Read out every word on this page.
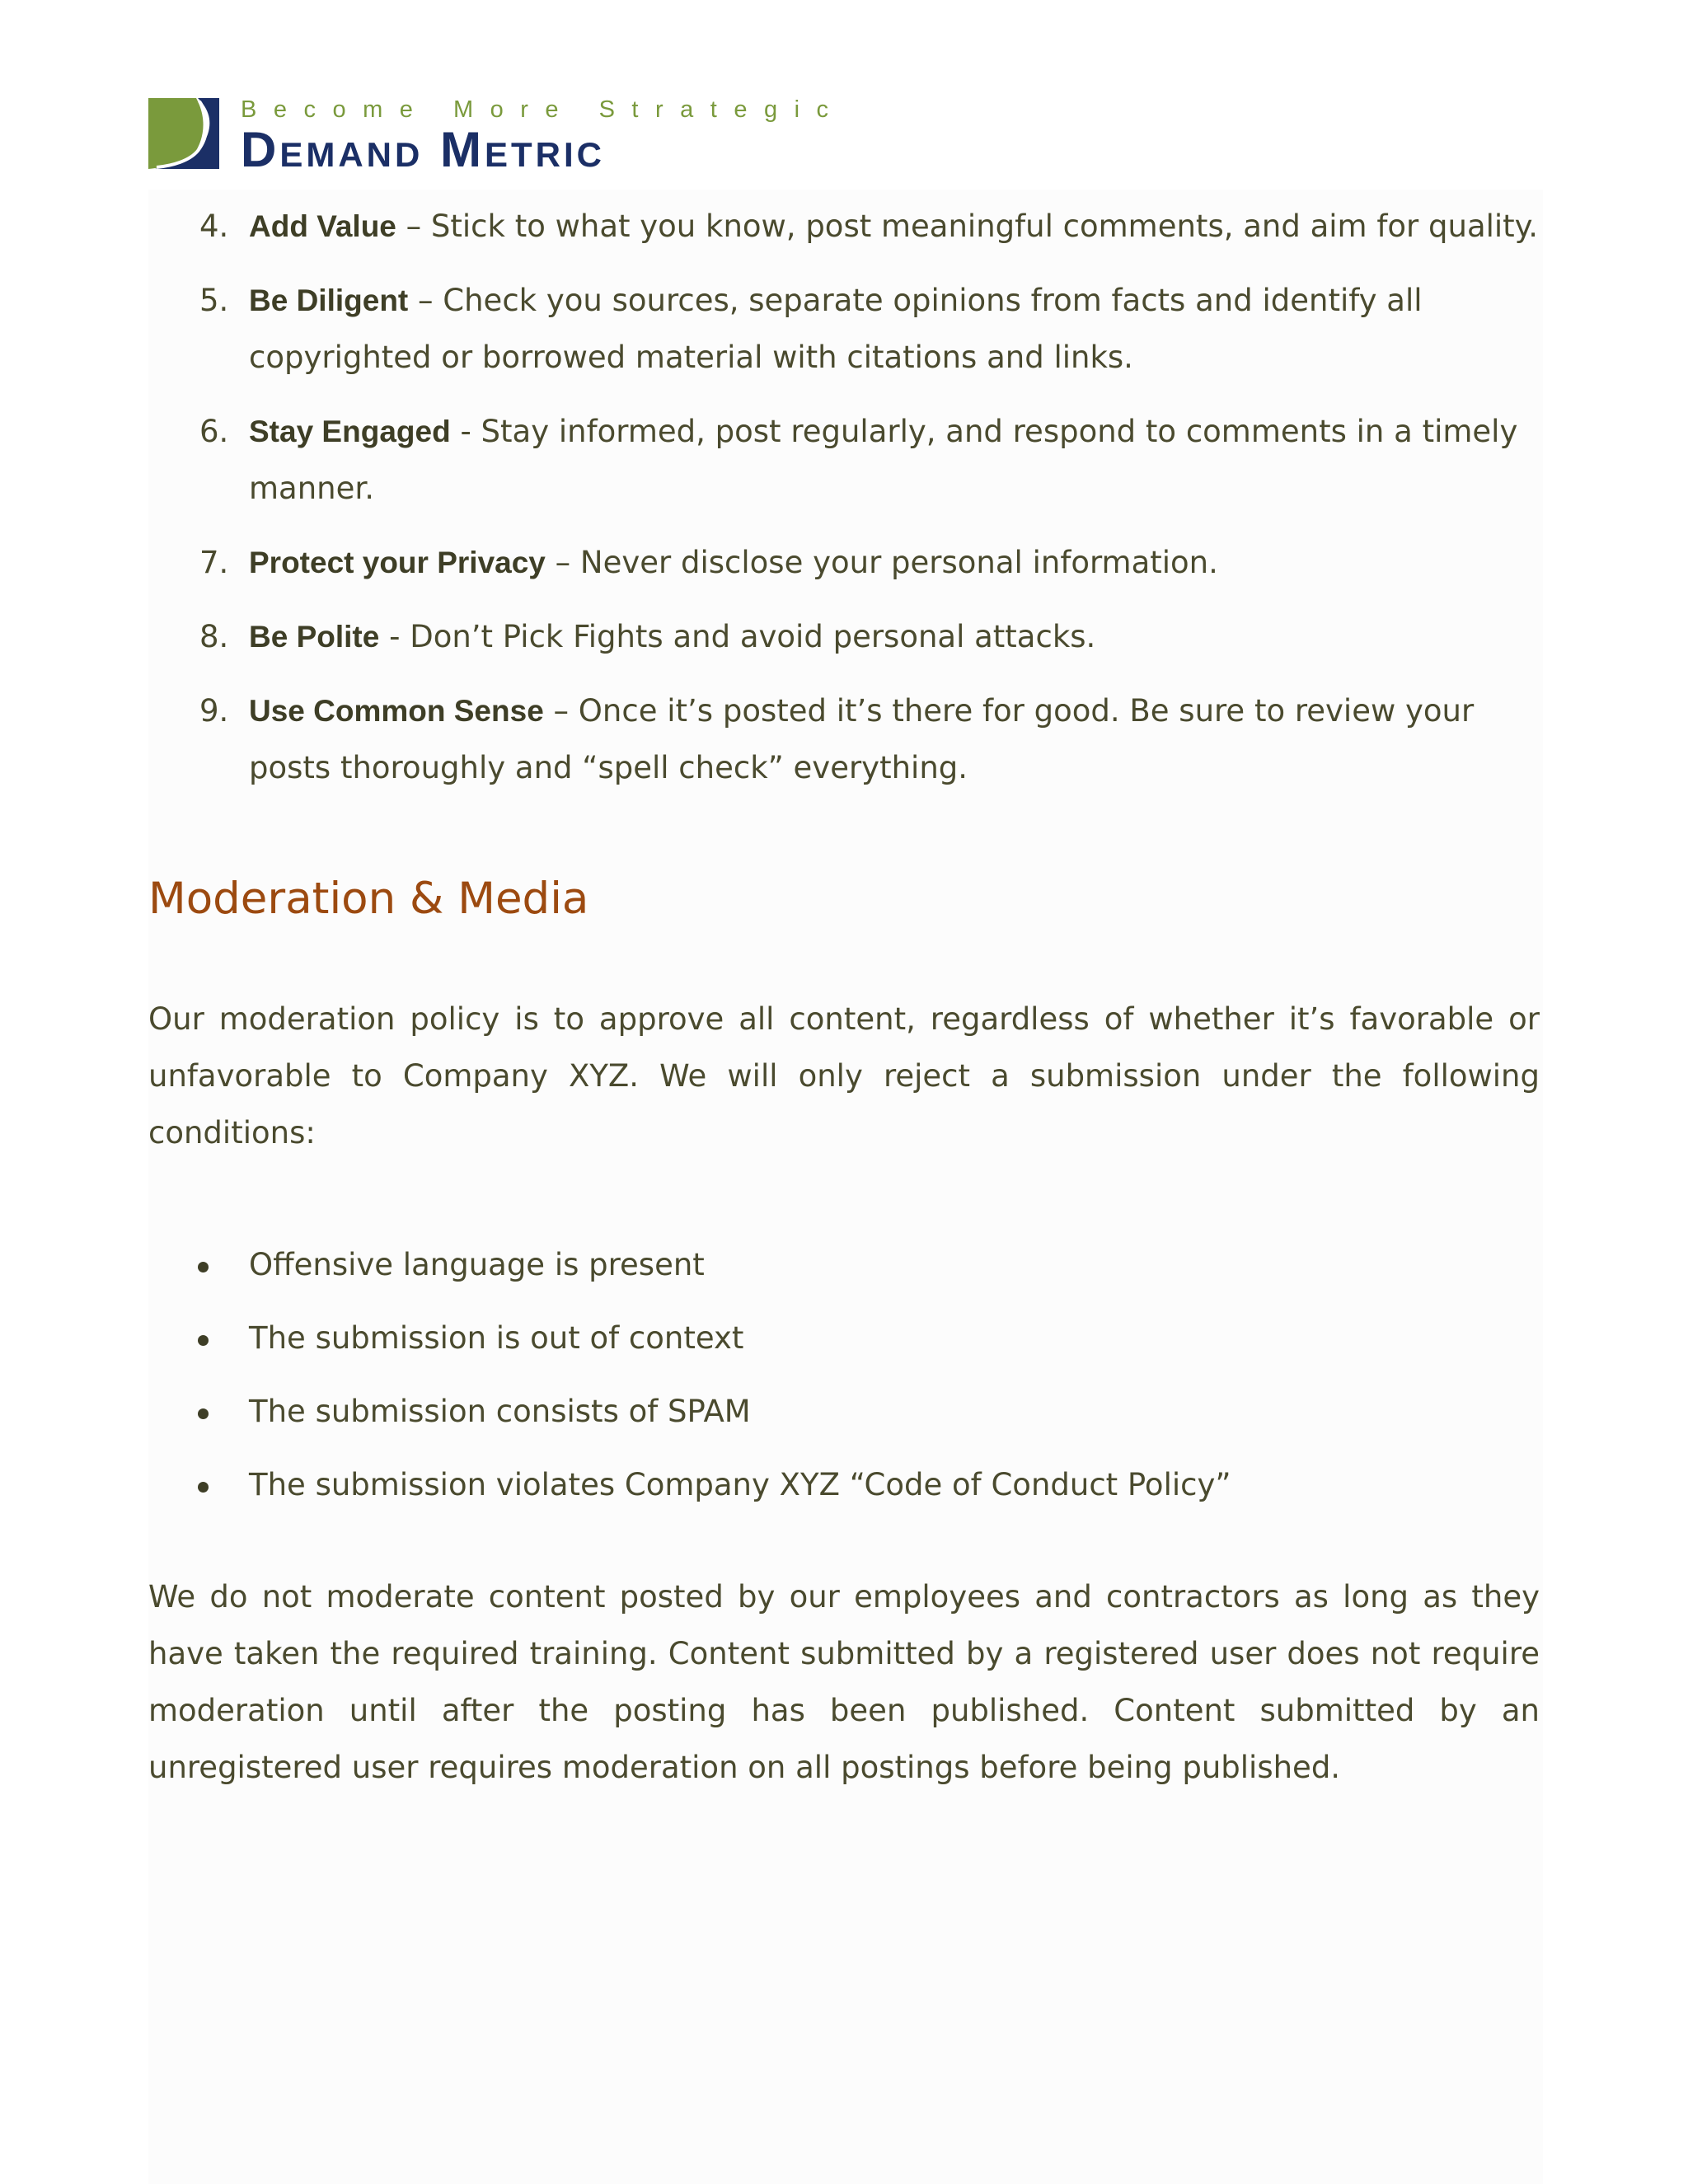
Become More Strategic
Demand Metric
4. Add Value – Stick to what you know, post meaningful comments, and aim for quality.
5. Be Diligent – Check you sources, separate opinions from facts and identify all copyrighted or borrowed material with citations and links.
6. Stay Engaged - Stay informed, post regularly, and respond to comments in a timely manner.
7. Protect your Privacy – Never disclose your personal information.
8. Be Polite - Don’t Pick Fights and avoid personal attacks.
9. Use Common Sense – Once it’s posted it’s there for good. Be sure to review your posts thoroughly and “spell check” everything.
Moderation & Media

Our moderation policy is to approve all content, regardless of whether it’s favorable or unfavorable to Company XYZ. We will only reject a submission under the following conditions:

Offensive language is present
The submission is out of context
The submission consists of SPAM
The submission violates Company XYZ “Code of Conduct Policy”

We do not moderate content posted by our employees and contractors as long as they have taken the required training. Content submitted by a registered user does not require moderation until after the posting has been published. Content submitted by an unregistered user requires moderation on all postings before being published.
